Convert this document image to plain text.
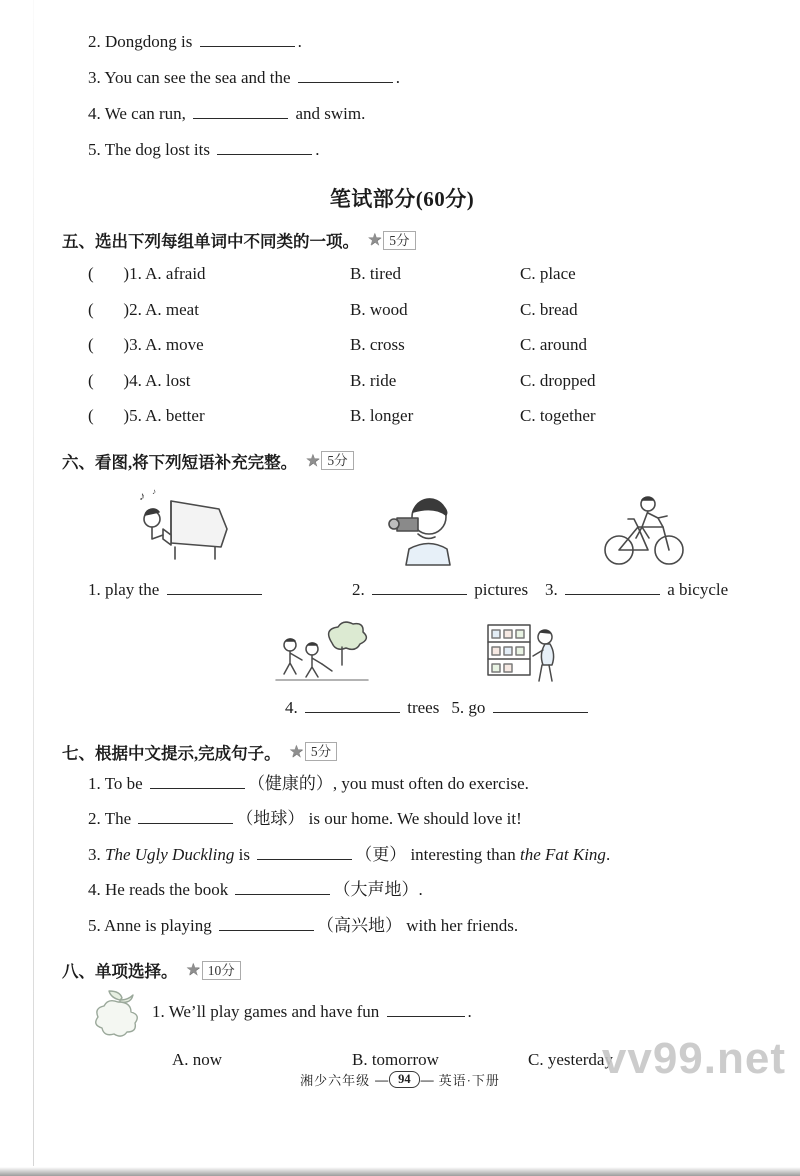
2. Dongdong is	.
3. You can see the sea and the	.
4. We can run,	and swim.
5. The dog lost its	.
笔试部分(60分)
五、选出下列每组单词中不同类的一项。 ★ 5分
(       )1. A. afraid	B. tired	C. place
(       )2. A. meat	B. wood	C. bread
(       )3. A. move	B. cross	C. around
(       )4. A. lost	B. ride	C. dropped
(       )5. A. better	B. longer	C. together
六、看图,将下列短语补充完整。 ★ 5分
♪ ♪
1. play the	2.	pictures 3.	a bicycle
4.	trees 5. go
七、根据中文提示,完成句子。 ★ 5分
1. To be	（健康的）, you must often do exercise.
2. The	（地球） is our home. We should love it!
3. The Ugly Duckling is	（更） interesting than the Fat King.
4. He reads the book	（大声地）.
5. Anne is playing	（高兴地） with her friends.
八、单项选择。 ★ 10分
1. We’ll play games and have fun	.
A. now	B. tomorrow	C. yesterday
湘少六年级 — 94 — 英语·下册 vv99.net
